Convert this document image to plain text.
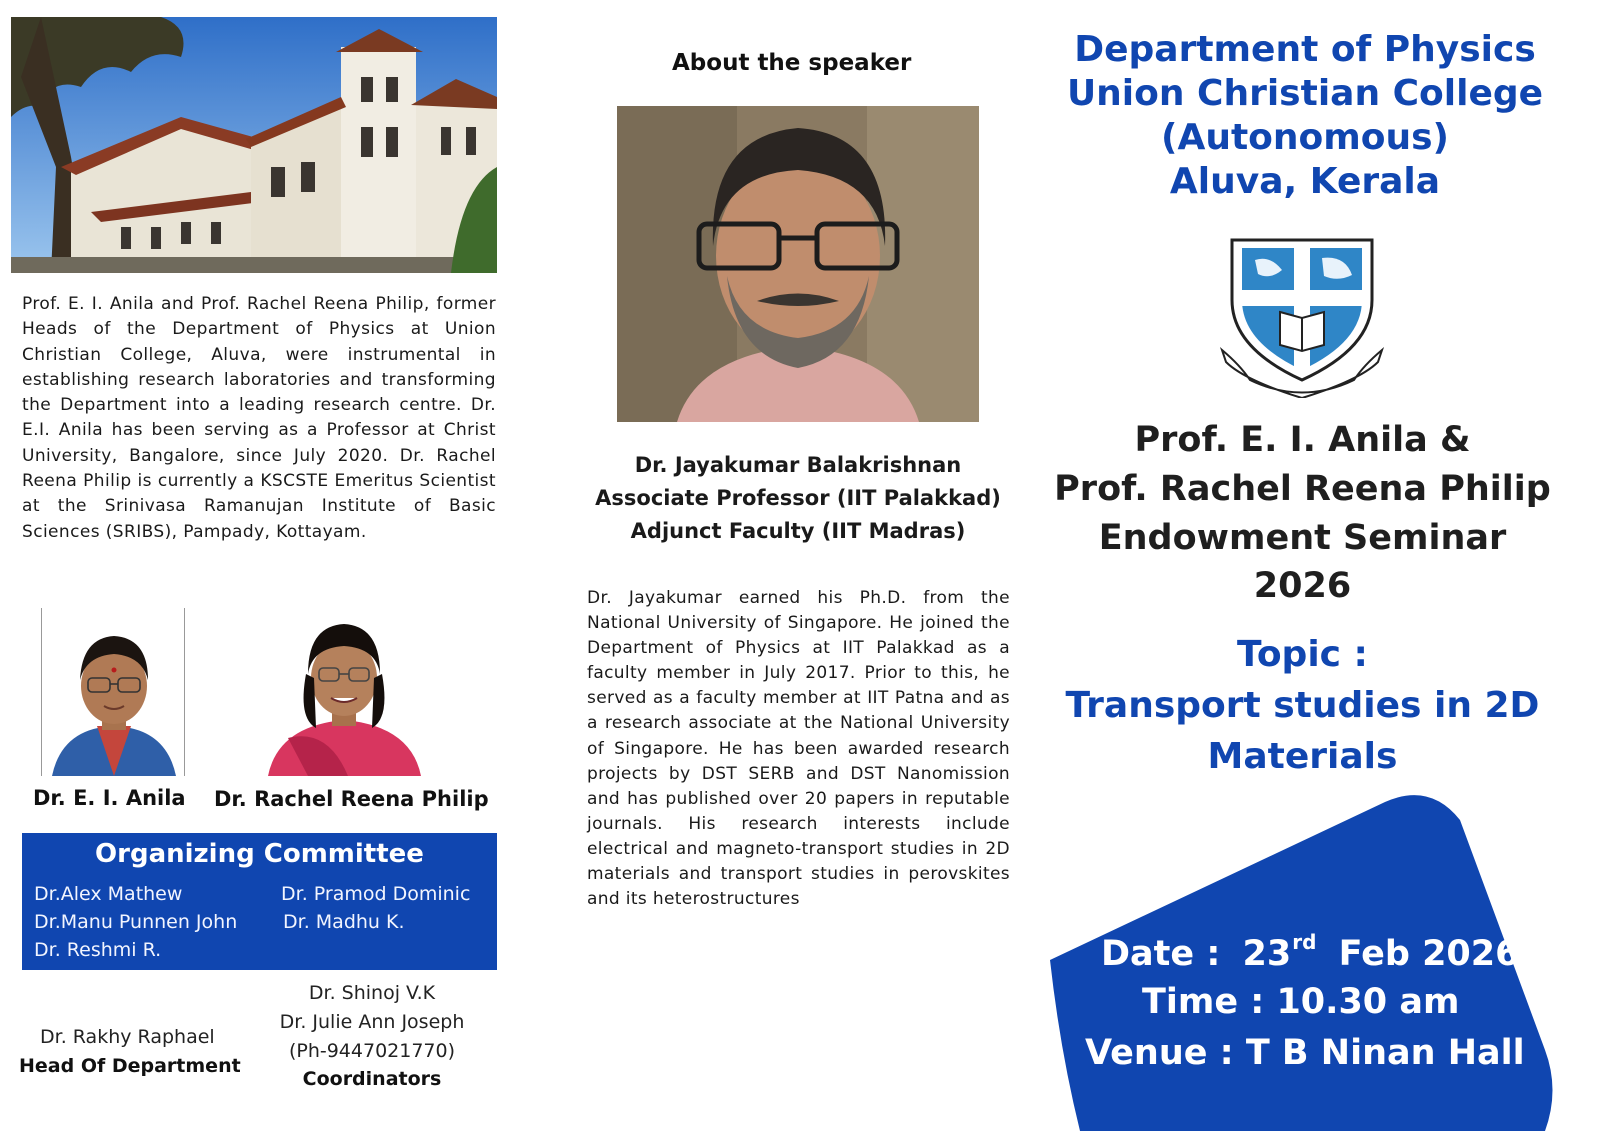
Prof. E. I. Anila and Prof. Rachel Reena Philip, former Heads of the Department of Physics at Union Christian College, Aluva, were instrumental in establishing research laboratories and transforming the Department into a leading research centre. Dr. E.I. Anila has been serving as a Professor at Christ University, Bangalore, since July 2020. Dr. Rachel Reena Philip is currently a KSCSTE Emeritus Scientist at the Srinivasa Ramanujan Institute of Basic Sciences (SRIBS), Pampady, Kottayam.

Dr. E. I. Anila Dr. Rachel Reena Philip
Organizing Committee
Dr.Alex Mathew	Dr. Pramod Dominic
Dr.Manu Punnen John Dr. Madhu K.
Dr. Reshmi R.
Dr. Rakhy Raphael
Head Of Department
Dr. Shinoj V.K
Dr. Julie Ann Joseph
(Ph-9447021770)
Coordinators
About the speaker
Dr. Jayakumar Balakrishnan
Associate Professor (IIT Palakkad)
Adjunct Faculty (IIT Madras)

Dr. Jayakumar earned his Ph.D. from the National University of Singapore. He joined the Department of Physics at IIT Palakkad as a faculty member in July 2017. Prior to this, he served as a faculty member at IIT Patna and as a research associate at the National University of Singapore. He has been awarded research projects by DST SERB and DST Nanomission and has published over 20 papers in reputable journals. His research interests include electrical and magneto-transport studies in 2D materials and transport studies in perovskites and its heterostructures

Department of Physics
Union Christian College
(Autonomous)
Aluva, Kerala
Prof. E. I. Anila &
Prof. Rachel Reena Philip
Endowment Seminar
2026
Topic :
Transport studies in 2D
Materials
Date : 23rd Feb 2026
Time : 10.30 am
Venue : T B Ninan Hall
